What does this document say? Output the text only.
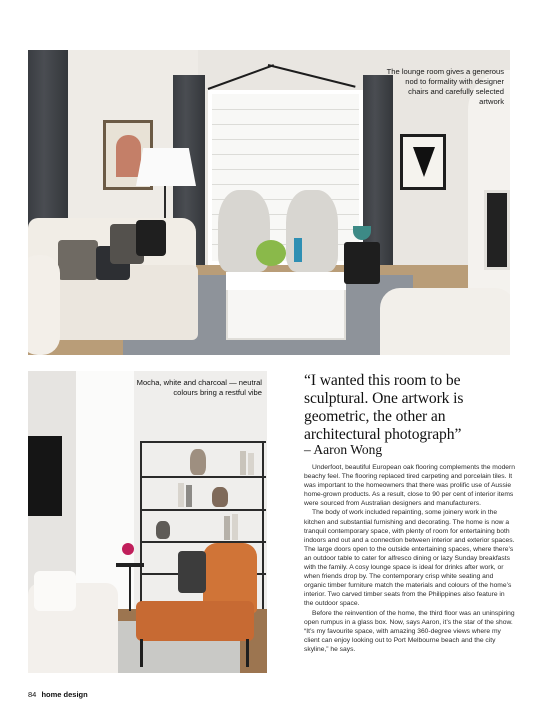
The lounge room gives a generous nod to formality with designer chairs and carefully selected artwork
Mocha, white and charcoal — neutral colours bring a restful vibe
“I wanted this room to be sculptural. One artwork is geometric, the other an architectural photograph”
– Aaron Wong

Underfoot, beautiful European oak flooring complements the modern beachy feel. The flooring replaced tired carpeting and porcelain tiles. It was important to the homeowners that there was prolific use of Aussie home-grown products. As a result, close to 90 per cent of interior items were sourced from Australian designers and manufacturers.

The body of work included repainting, some joinery work in the kitchen and substantial furnishing and decorating. The home is now a tranquil contemporary space, with plenty of room for entertaining both indoors and out and a connection between interior and exterior spaces. The large doors open to the outside entertaining spaces, where there’s an outdoor table to cater for alfresco dining or lazy Sunday breakfasts with the family. A cosy lounge space is ideal for drinks after work, or when friends drop by. The contemporary crisp white seating and organic timber furniture match the materials and colours of the home’s interior. Two carved timber seats from the Philippines also feature in the outdoor space.

Before the reinvention of the home, the third floor was an uninspiring open rumpus in a glass box. Now, says Aaron, it’s the star of the show. “It’s my favourite space, with amazing 360-degree views where my client can enjoy looking out to Port Melbourne beach and the city skyline,” he says.

84 home design
